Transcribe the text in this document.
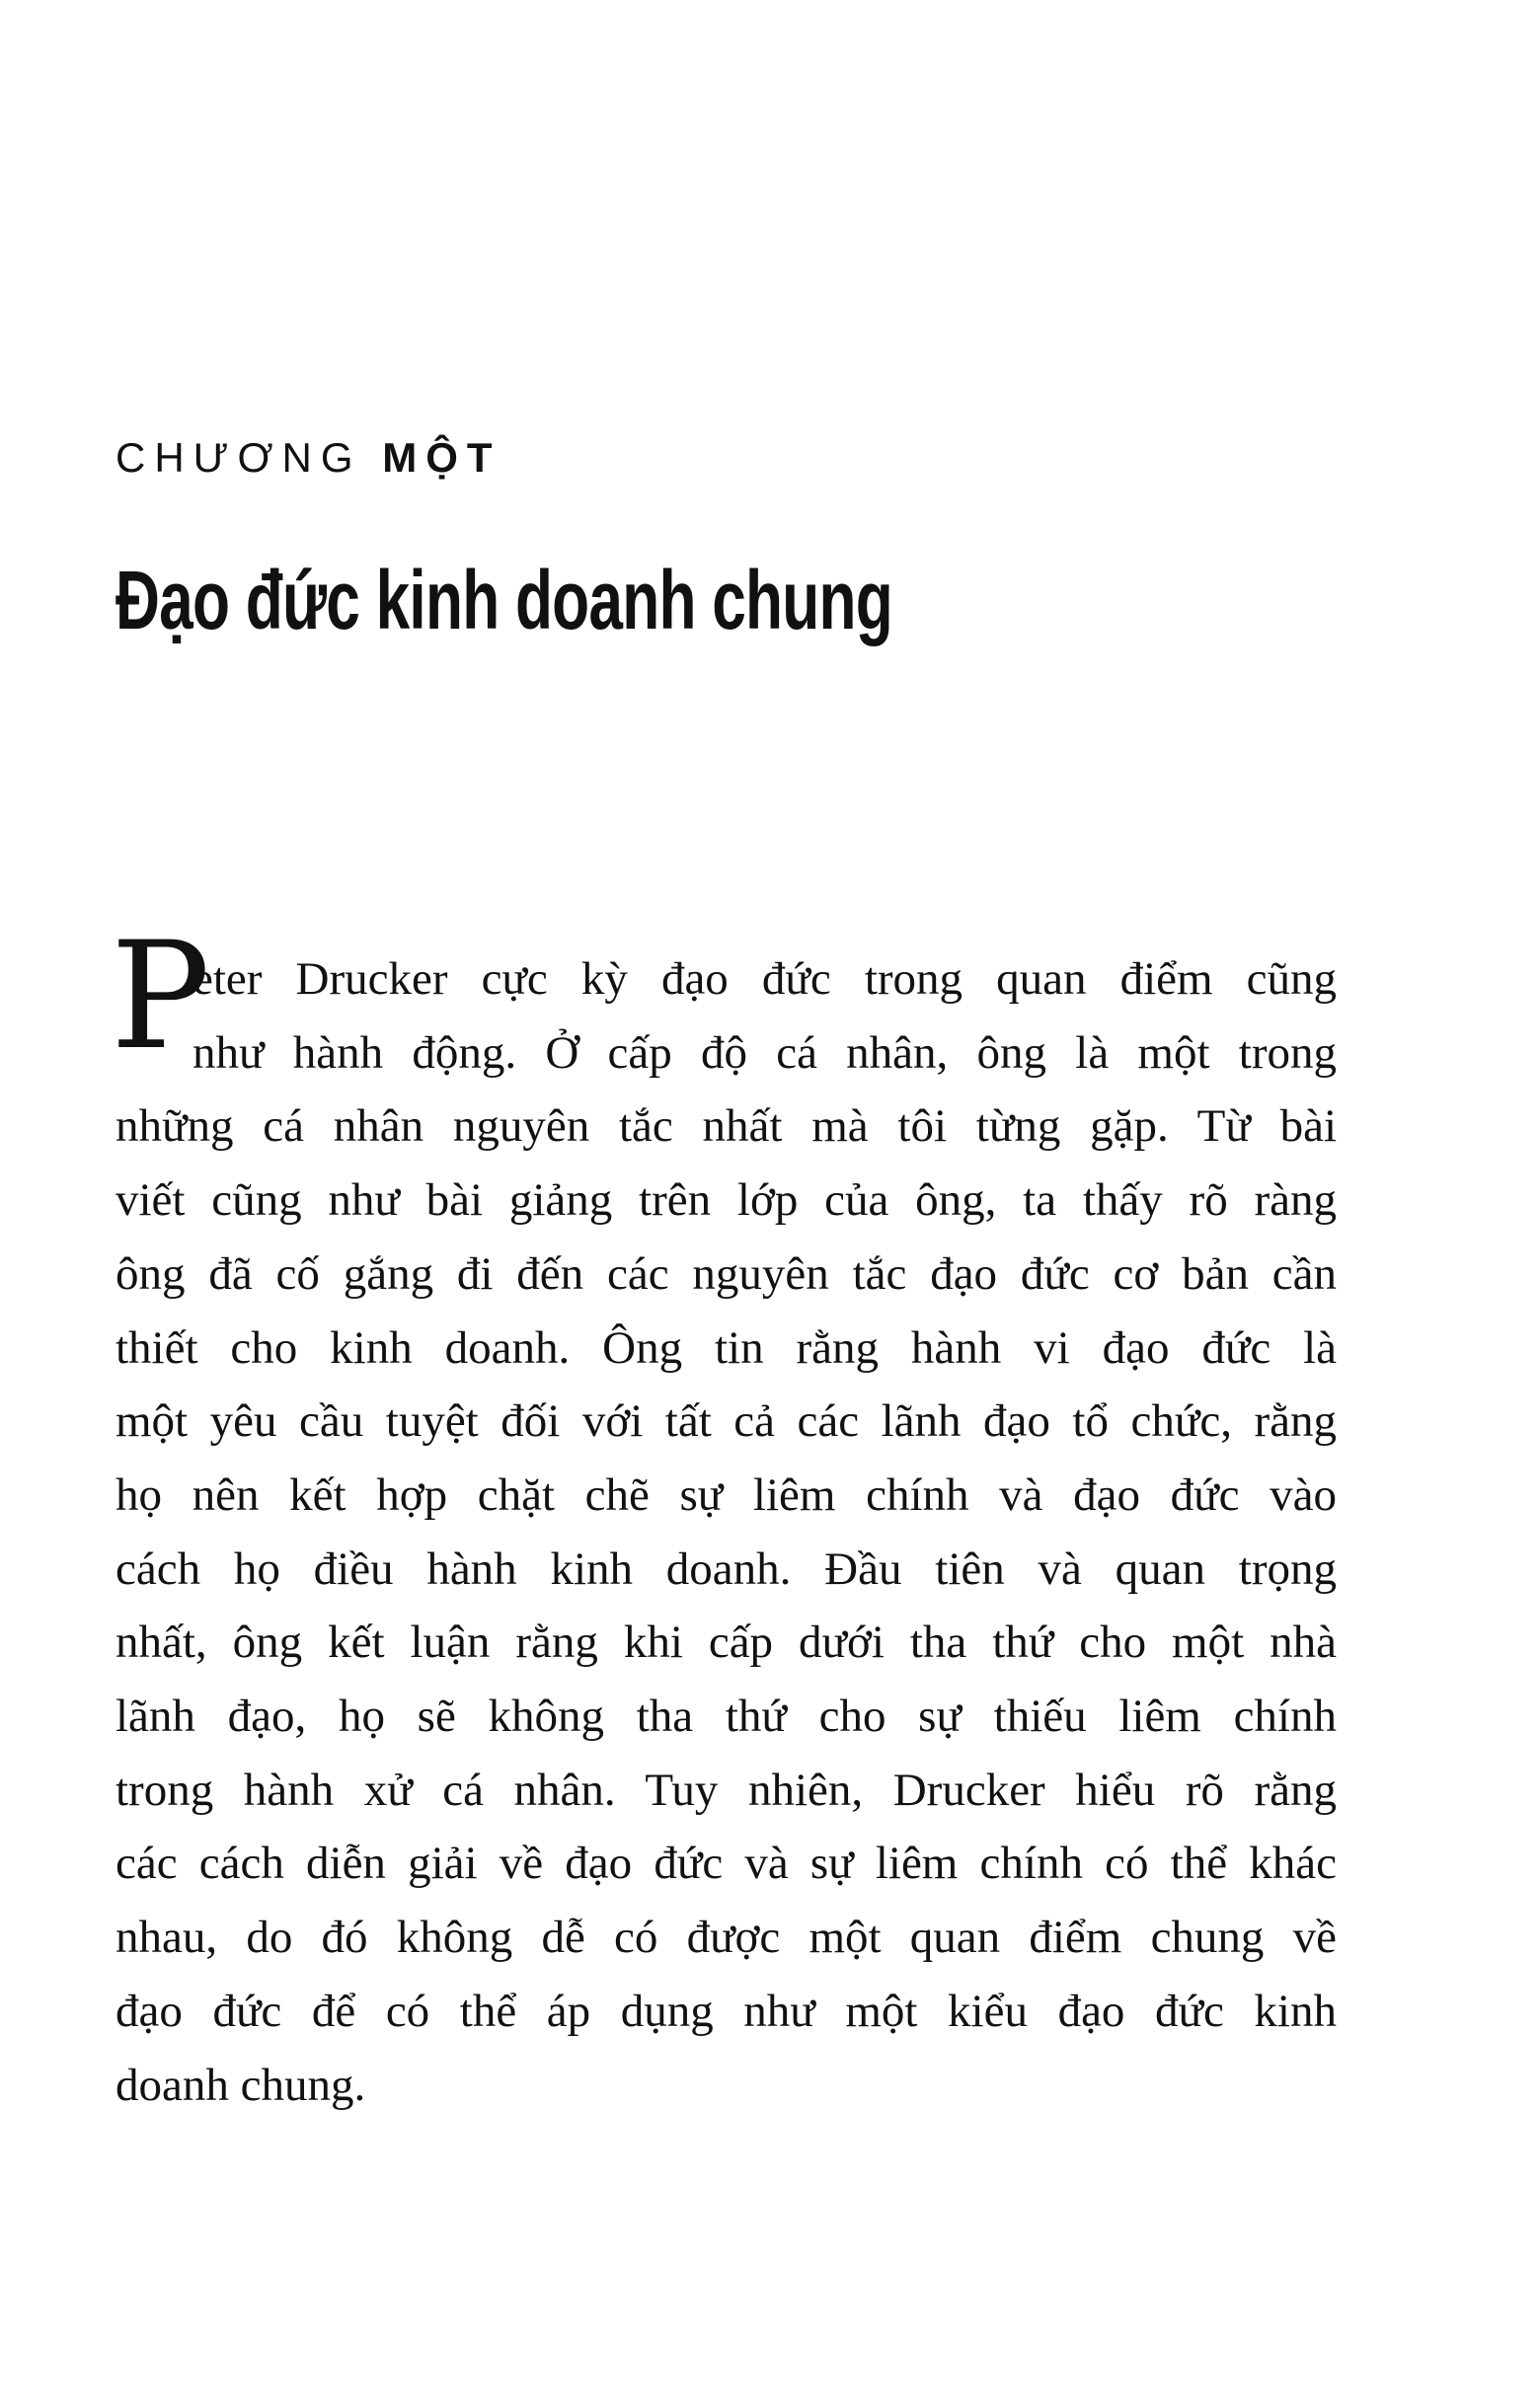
CHƯƠNG MỘT
Đạo đức kinh doanh chung
P
eter Drucker cực kỳ đạo đức trong quan điểm cũng
như hành động. Ở cấp độ cá nhân, ông là một trong
những cá nhân nguyên tắc nhất mà tôi từng gặp. Từ bài
viết cũng như bài giảng trên lớp của ông, ta thấy rõ ràng
ông đã cố gắng đi đến các nguyên tắc đạo đức cơ bản cần
thiết cho kinh doanh. Ông tin rằng hành vi đạo đức là
một yêu cầu tuyệt đối với tất cả các lãnh đạo tổ chức, rằng
họ nên kết hợp chặt chẽ sự liêm chính và đạo đức vào
cách họ điều hành kinh doanh. Đầu tiên và quan trọng
nhất, ông kết luận rằng khi cấp dưới tha thứ cho một nhà
lãnh đạo, họ sẽ không tha thứ cho sự thiếu liêm chính
trong hành xử cá nhân. Tuy nhiên, Drucker hiểu rõ rằng
các cách diễn giải về đạo đức và sự liêm chính có thể khác
nhau, do đó không dễ có được một quan điểm chung về
đạo đức để có thể áp dụng như một kiểu đạo đức kinh
doanh chung.
